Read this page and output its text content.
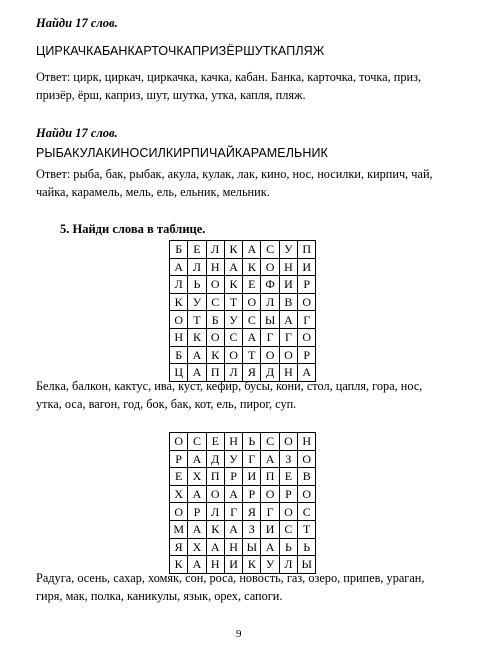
Найди 17 слов.
ЦИРКАЧКАБАНКАРТОЧКАПРИЗЁРШУТКАПЛЯЖ
Ответ: цирк, циркач, циркачка, качка, кабан. Банка, карточка, точка, приз,
призёр, ёрш, каприз, шут, шутка, утка, капля, пляж.
Найди 17 слов.
РЫБАКУЛАКИНОСИЛКИРПИЧАЙКАРАМЕЛЬНИК
Ответ: рыба, бак, рыбак, акула, кулак, лак, кино, нос, носилки, кирпич, чай,
чайка, карамель, мель, ель, ельник, мельник.
5. Найди слова в таблице.
Б	Е	Л	К	А	С	У	П
А	Л	Н	А	К	О	Н	И
Л	Ь	О	К	Е	Ф	И	Р
К	У	С	Т	О	Л	В	О
О	Т	Б	У	С	Ы	А	Г
Н	К	О	С	А	Г	Г	О
Б	А	К	О	Т	О	О	Р
Ц	А	П	Л	Я	Д	Н	А
Белка, балкон, кактус, ива, куст, кефир, бусы, кони, стол, цапля, гора, нос,
утка, оса, вагон, год, бок, бак, кот, ель, пирог, суп.
О	С	Е	Н	Ь	С	О	Н
Р	А	Д	У	Г	А	З	О
Е	Х	П	Р	И	П	Е	В
Х	А	О	А	Р	О	Р	О
О	Р	Л	Г	Я	Г	О	С
М	А	К	А	З	И	С	Т
Я	Х	А	Н	Ы	А	Ь	Ь
К	А	Н	И	К	У	Л	Ы
Радуга, осень, сахар, хомяк, сон, роса, новость, газ, озеро, припев, ураган,
гиря, мак, полка, каникулы, язык, орех, сапоги.
9
